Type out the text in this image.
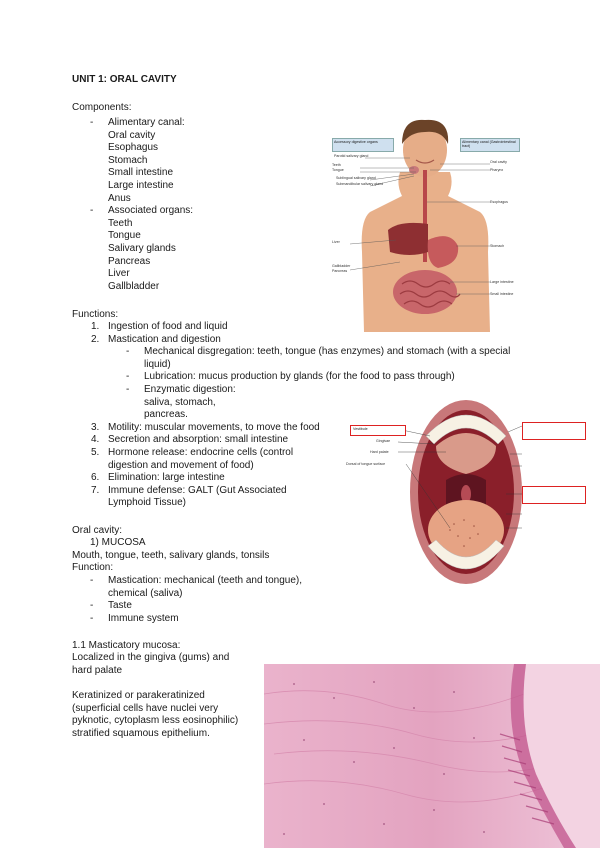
UNIT 1: ORAL CAVITY
Components:
- Alimentary canal:
Oral cavity
Esophagus
Stomach
Small intestine
Large intestine
Anus
- Associated organs:
Teeth
Tongue
Salivary glands
Pancreas
Liver
Gallbladder
Accessory digestive organs	Alimentary canal (Gastrointestinal tract)
Parotid salivary gland
Teeth
Tongue
Sublingual salivary gland
Submandibular salivary gland
Liver
Gallbladder
Pancreas
Oral cavity
Pharynx
Esophagus
Stomach
Large intestine
Small intestine
Functions:
1. Ingestion of food and liquid
2. Mastication and digestion
- Mechanical disgregation: teeth, tongue (has enzymes) and stomach (with a special liquid)
- Lubrication: mucus production by glands (for the food to pass through)
- Enzymatic digestion: saliva, stomach, pancreas.
3. Motility: muscular movements, to move the food
4. Secretion and absorption: small intestine
5. Hormone release: endocrine cells (control digestion and movement of food)
6. Elimination: large intestine
7. Immune defense: GALT (Gut Associated Lymphoid Tissue)
Vestibule
Gingivae
Hard palate
Dorsal of tongue surface
Oral cavity:
1) MUCOSA
Mouth, tongue, teeth, salivary glands, tonsils
Function:
- Mastication: mechanical (teeth and tongue), chemical (saliva)
- Taste
- Immune system
1.1 Masticatory mucosa:
Localized in the gingiva (gums) and hard palate
Keratinized or parakeratinized (superficial cells have nuclei very pyknotic, cytoplasm less eosinophilic) stratified squamous epithelium.
